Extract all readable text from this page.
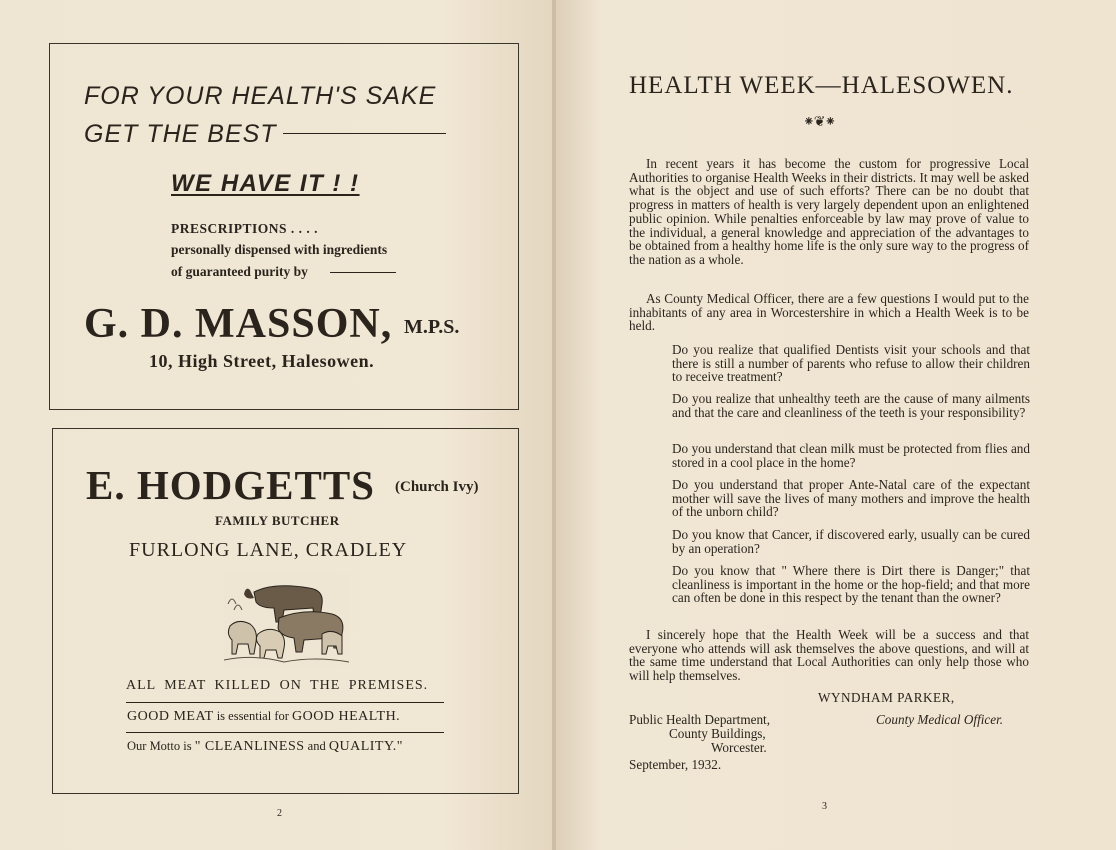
FOR YOUR HEALTH'S SAKE
GET THE BEST
WE HAVE IT ! !
PRESCRIPTIONS . . . .
personally dispensed with ingredients
of guaranteed purity by
G. D. MASSON, M.P.S.
10, High Street, Halesowen.
E. HODGETTS (Church Ivy)
FAMILY BUTCHER
FURLONG LANE, CRADLEY
ALL MEAT KILLED ON THE PREMISES.
GOOD MEAT is essential for GOOD HEALTH.
Our Motto is " CLEANLINESS and QUALITY."
2
HEALTH WEEK—HALESOWEN.
⁕❦⁕
In recent years it has become the custom for progressive Local Authorities to organise Health Weeks in their districts. It may well be asked what is the object and use of such efforts? There can be no doubt that progress in matters of health is very largely dependent upon an enlightened public opinion. While penalties enforceable by law may prove of value to the individual, a general knowledge and appreciation of the advantages to be obtained from a healthy home life is the only sure way to the progress of the nation as a whole.
As County Medical Officer, there are a few questions I would put to the inhabitants of any area in Worcestershire in which a Health Week is to be held.
Do you realize that qualified Dentists visit your schools and that there is still a number of parents who refuse to allow their children to receive treatment?
Do you realize that unhealthy teeth are the cause of many ailments and that the care and cleanliness of the teeth is your responsibility?
Do you understand that clean milk must be protected from flies and stored in a cool place in the home?
Do you understand that proper Ante-Natal care of the expectant mother will save the lives of many mothers and improve the health of the unborn child?
Do you know that Cancer, if discovered early, usually can be cured by an operation?
Do you know that " Where there is Dirt there is Danger;" that cleanliness is important in the home or the hop-field; and that more can often be done in this respect by the tenant than the owner?
I sincerely hope that the Health Week will be a success and that everyone who attends will ask themselves the above questions, and will at the same time understand that Local Authorities can only help those who will help themselves.
WYNDHAM PARKER,
County Medical Officer.
Public Health Department,
County Buildings,
Worcester.
September, 1932.
3
